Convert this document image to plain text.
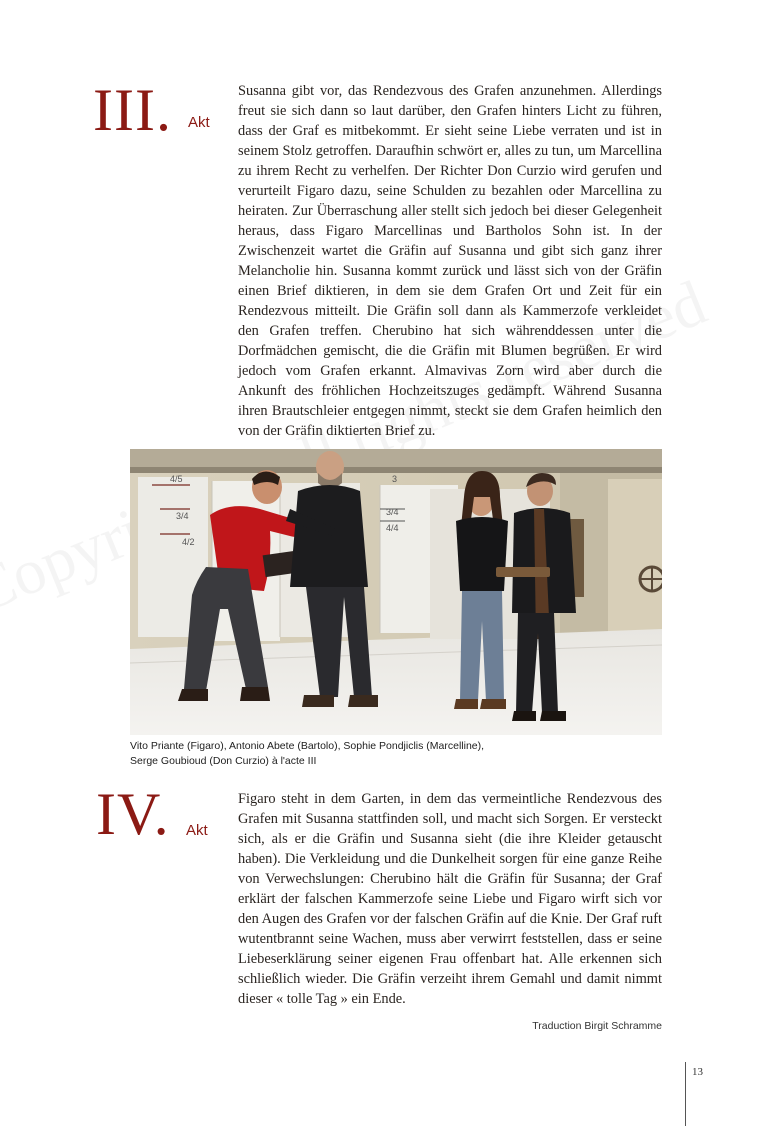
III. Akt

Susanna gibt vor, das Rendezvous des Grafen anzunehmen. Allerdings freut sie sich dann so laut darüber, den Grafen hinters Licht zu führen, dass der Graf es mitbekommt. Er sieht seine Liebe verraten und ist in seinem Stolz getroffen. Daraufhin schwört er, alles zu tun, um Marcellina zu ihrem Recht zu verhelfen. Der Richter Don Curzio wird gerufen und verurteilt Figaro dazu, seine Schulden zu bezahlen oder Marcellina zu heiraten. Zur Überraschung aller stellt sich jedoch bei dieser Gelegenheit heraus, dass Figaro Marcellinas und Bartholos Sohn ist. In der Zwischenzeit wartet die Gräfin auf Susanna und gibt sich ganz ihrer Melancholie hin. Susanna kommt zurück und lässt sich von der Gräfin einen Brief diktieren, in dem sie dem Grafen Ort und Zeit für ein Rendezvous mitteilt. Die Gräfin soll dann als Kammerzofe verkleidet den Grafen treffen. Cherubino hat sich währenddessen unter die Dorfmädchen gemischt, die die Gräfin mit Blumen begrüßen. Er wird jedoch vom Grafen erkannt. Almavivas Zorn wird aber durch die Ankunft des fröhlichen Hochzeitszuges gedämpft. Während Susanna ihren Brautschleier entgegen nimmt, steckt sie dem Grafen heimlich den von der Gräfin diktierten Brief zu.

4/5
3/4
4/2
3
3/4
4/4
Vito Priante (Figaro), Antonio Abete (Bartolo), Sophie Pondjiclis (Marcelline),
Serge Goubioud (Don Curzio) à l'acte III
IV. Akt

Figaro steht in dem Garten, in dem das vermeintliche Rendezvous des Grafen mit Susanna stattfinden soll, und macht sich Sorgen. Er versteckt sich, als er die Gräfin und Susanna sieht (die ihre Kleider getauscht haben). Die Verkleidung und die Dunkelheit sorgen für eine ganze Reihe von Verwechslungen: Cherubino hält die Gräfin für Susanna; der Graf erklärt der falschen Kammerzofe seine Liebe und Figaro wirft sich vor den Augen des Grafen vor der falschen Gräfin auf die Knie. Der Graf ruft wutentbrannt seine Wachen, muss aber verwirrt feststellen, dass er seine Liebeserklärung seiner eigenen Frau offenbart hat. Alle erkennen sich schließlich wieder. Die Gräfin verzeiht ihrem Gemahl und damit nimmt dieser « tolle Tag » ein Ende.

Traduction Birgit Schramme
13
